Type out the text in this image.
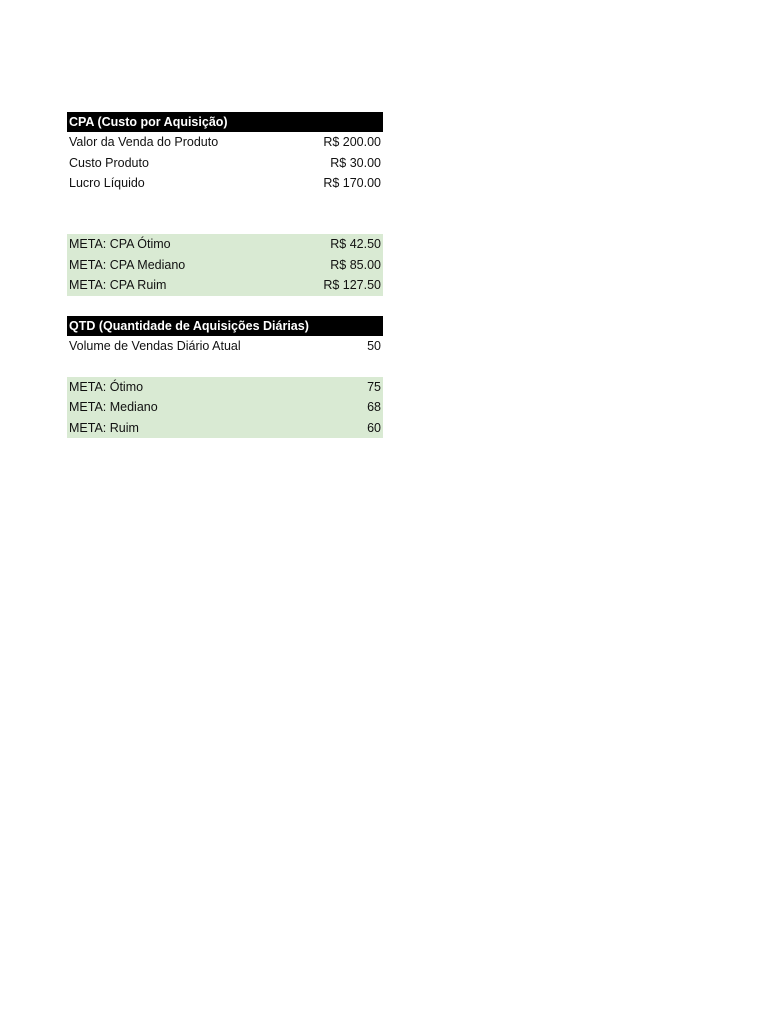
CPA (Custo por Aquisição)
Valor da Venda do Produto	R$ 200.00
Custo Produto	R$ 30.00
Lucro Líquido	R$ 170.00
META: CPA Ótimo	R$ 42.50
META: CPA Mediano	R$ 85.00
META: CPA Ruim	R$ 127.50
QTD (Quantidade de Aquisições Diárias)
Volume de Vendas Diário Atual	50
META: Ótimo	75
META: Mediano	68
META: Ruim	60
